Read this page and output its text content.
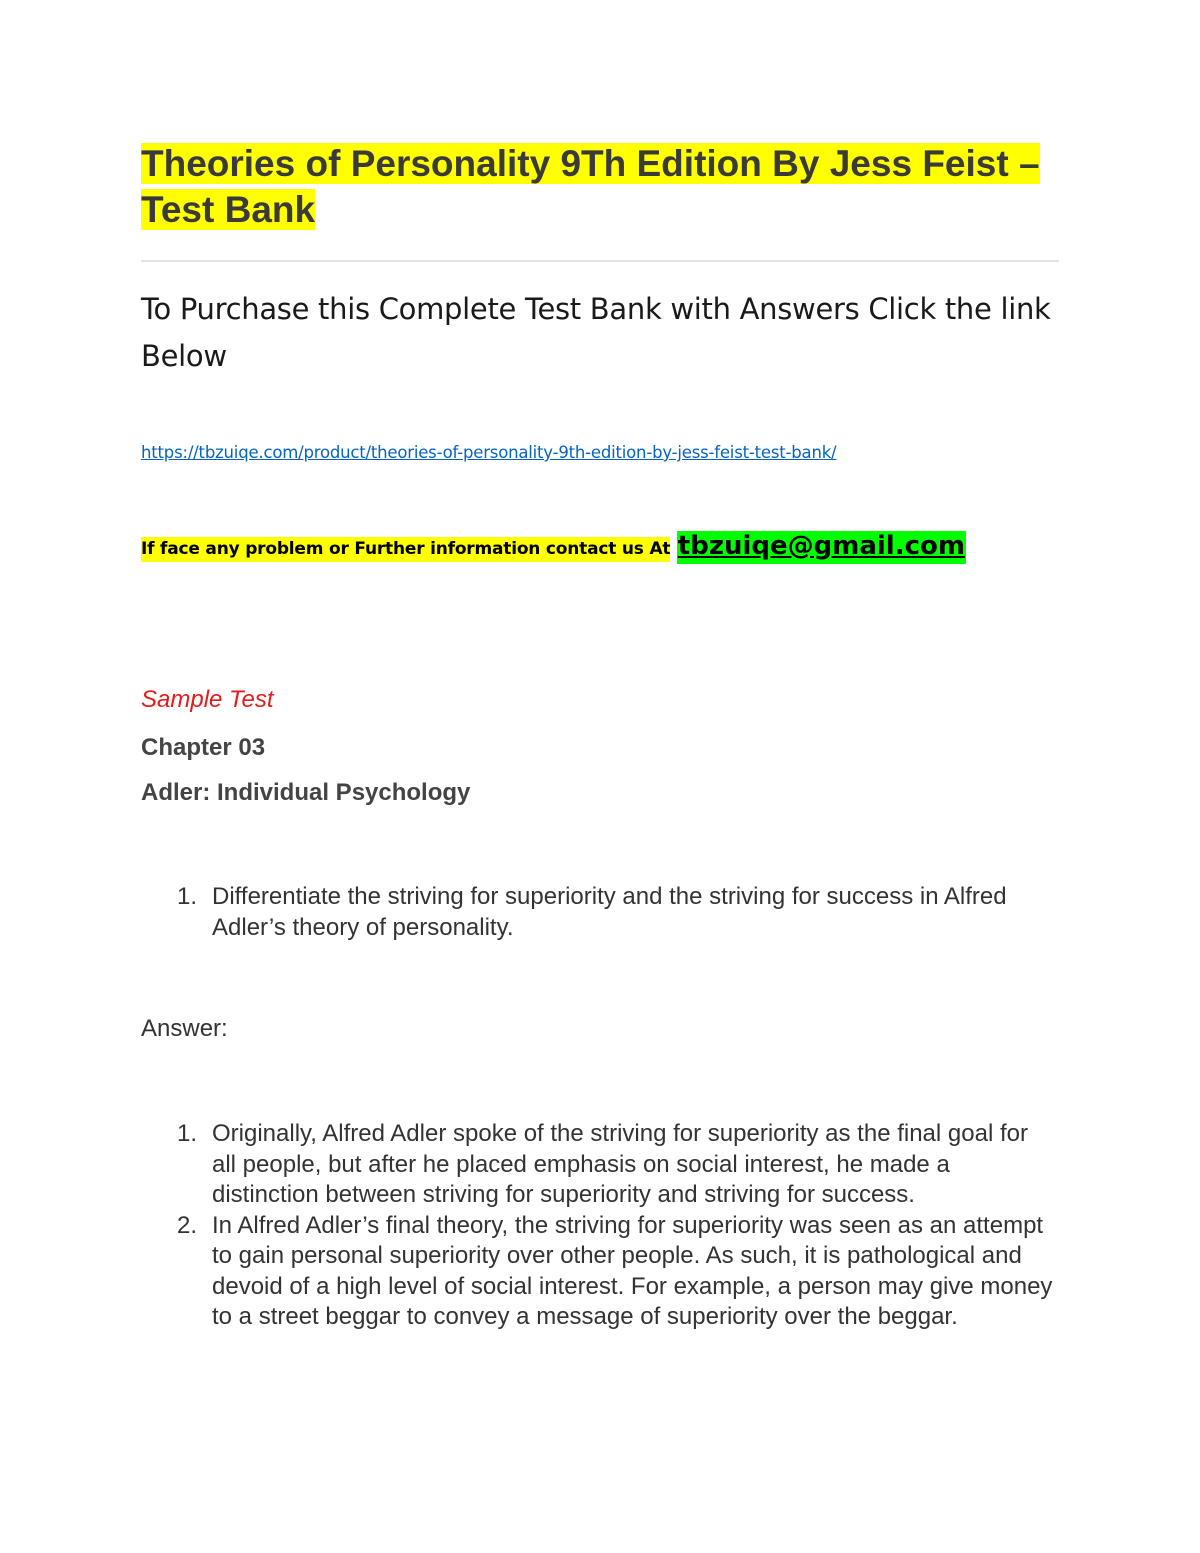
Theories of Personality 9Th Edition By Jess Feist – Test Bank

To Purchase this Complete Test Bank with Answers Click the link Below

https://tbzuiqe.com/product/theories-of-personality-9th-edition-by-jess-feist-test-bank/
If face any problem or Further information contact us At tbzuiqe@gmail.com
Sample Test
Chapter 03
Adler: Individual Psychology
1. Differentiate the striving for superiority and the striving for success in Alfred Adler’s theory of personality.
Answer:
1. Originally, Alfred Adler spoke of the striving for superiority as the final goal for all people, but after he placed emphasis on social interest, he made a distinction between striving for superiority and striving for success.
2. In Alfred Adler’s final theory, the striving for superiority was seen as an attempt to gain personal superiority over other people. As such, it is pathological and devoid of a high level of social interest. For example, a person may give money to a street beggar to convey a message of superiority over the beggar.
